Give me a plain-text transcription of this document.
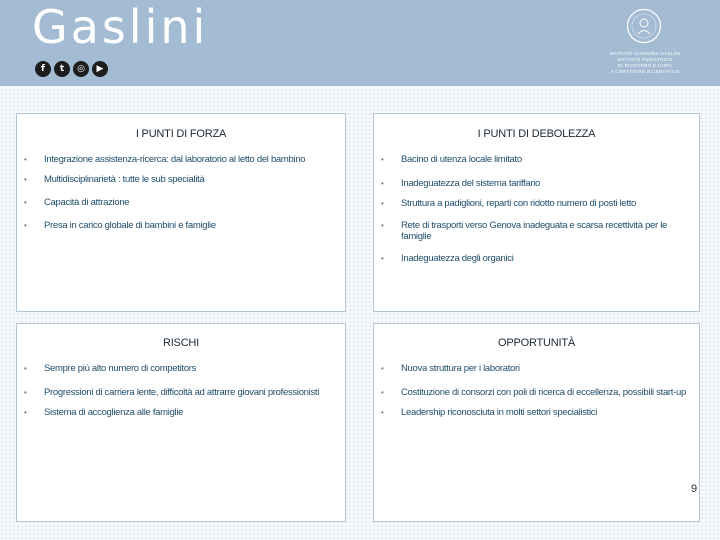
Gaslini
f	t	◎	▶
ISTITUTO GIANNINA GASLINI
ISTITUTO PEDIATRICO
DI RICOVERO E CURA
A CARATTERE SCIENTIFICO
I PUNTI DI FORZA
• Integrazione assistenza-ricerca: dal laboratorio al letto del bambino
• Multidisciplinarietà : tutte le sub specialità
• Capacità di attrazione
• Presa in carico globale di bambini e famiglie
I PUNTI DI DEBOLEZZA
• Bacino di utenza locale limitato
• Inadeguatezza del sistema tariffario
• Struttura a padiglioni, reparti con ridotto numero di posti letto
• Rete di trasporti verso Genova inadeguata e scarsa recettività per le famiglie
• Inadeguatezza degli organici
RISCHI
• Sempre più alto numero di competitors
• Progressioni di carriera lente, difficoltà ad attrarre giovani professionisti
• Sistema di accoglienza alle famiglie
OPPORTUNITÀ
• Nuova struttura per i laboratori
• Costituzione di consorzi con poli di ricerca di eccellenza, possibili start-up
• Leadership riconosciuta in molti settori specialistici
9
